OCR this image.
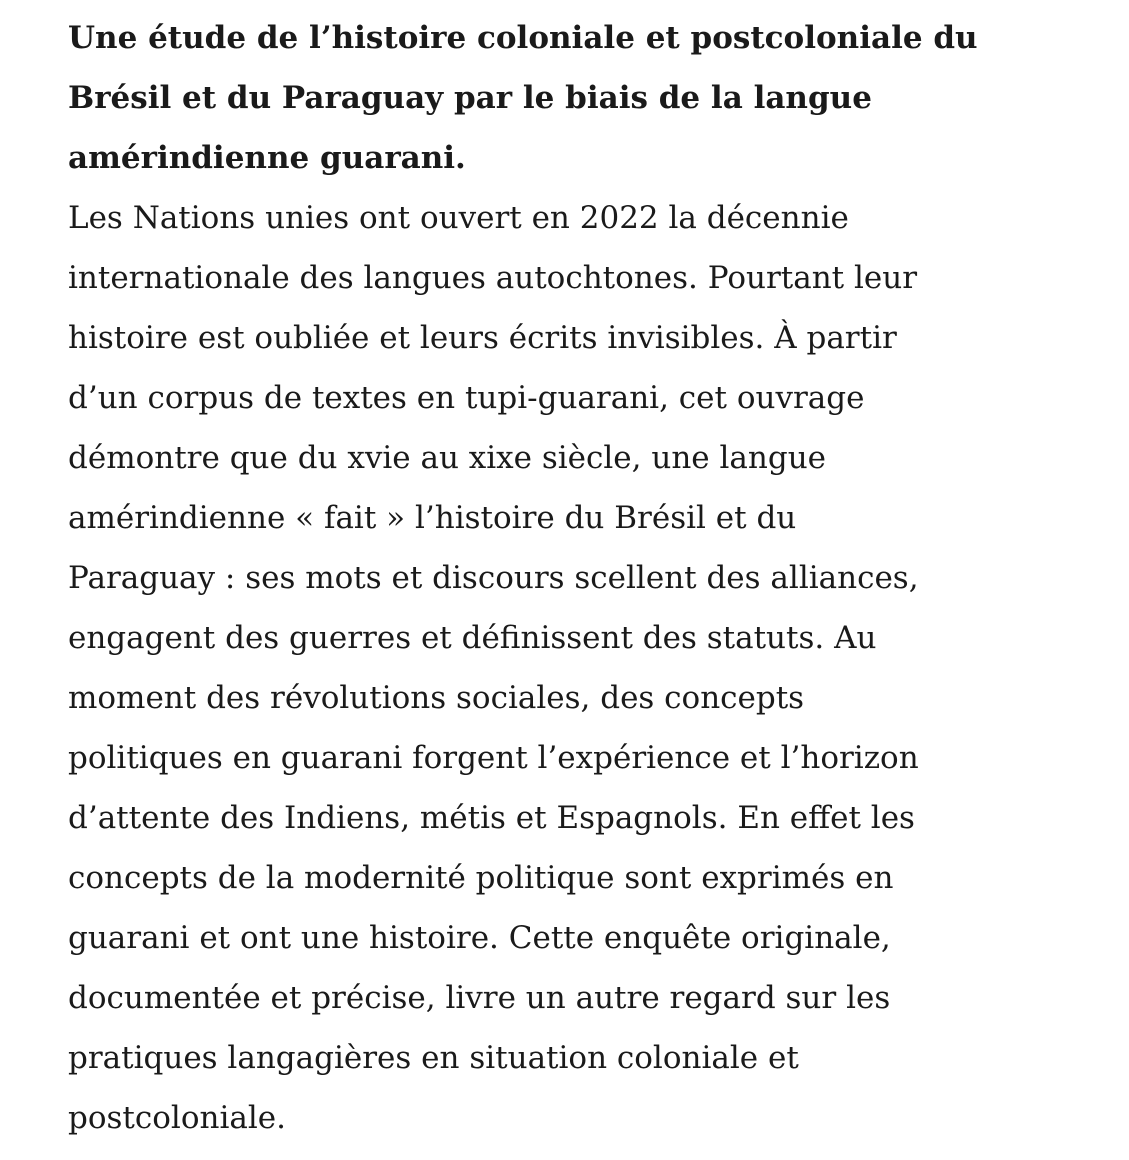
Une étude de l’histoire coloniale et postcoloniale du
Brésil et du Paraguay par le biais de la langue
amérindienne guarani.
Les Nations unies ont ouvert en 2022 la décennie
internationale des langues autochtones. Pourtant leur
histoire est oubliée et leurs écrits invisibles. À partir
d’un corpus de textes en tupi-guarani, cet ouvrage
démontre que du xvie au xixe siècle, une langue
amérindienne « fait » l’histoire du Brésil et du
Paraguay : ses mots et discours scellent des alliances,
engagent des guerres et définissent des statuts. Au
moment des révolutions sociales, des concepts
politiques en guarani forgent l’expérience et l’horizon
d’attente des Indiens, métis et Espagnols. En effet les
concepts de la modernité politique sont exprimés en
guarani et ont une histoire. Cette enquête originale,
documentée et précise, livre un autre regard sur les
pratiques langagières en situation coloniale et
postcoloniale.
